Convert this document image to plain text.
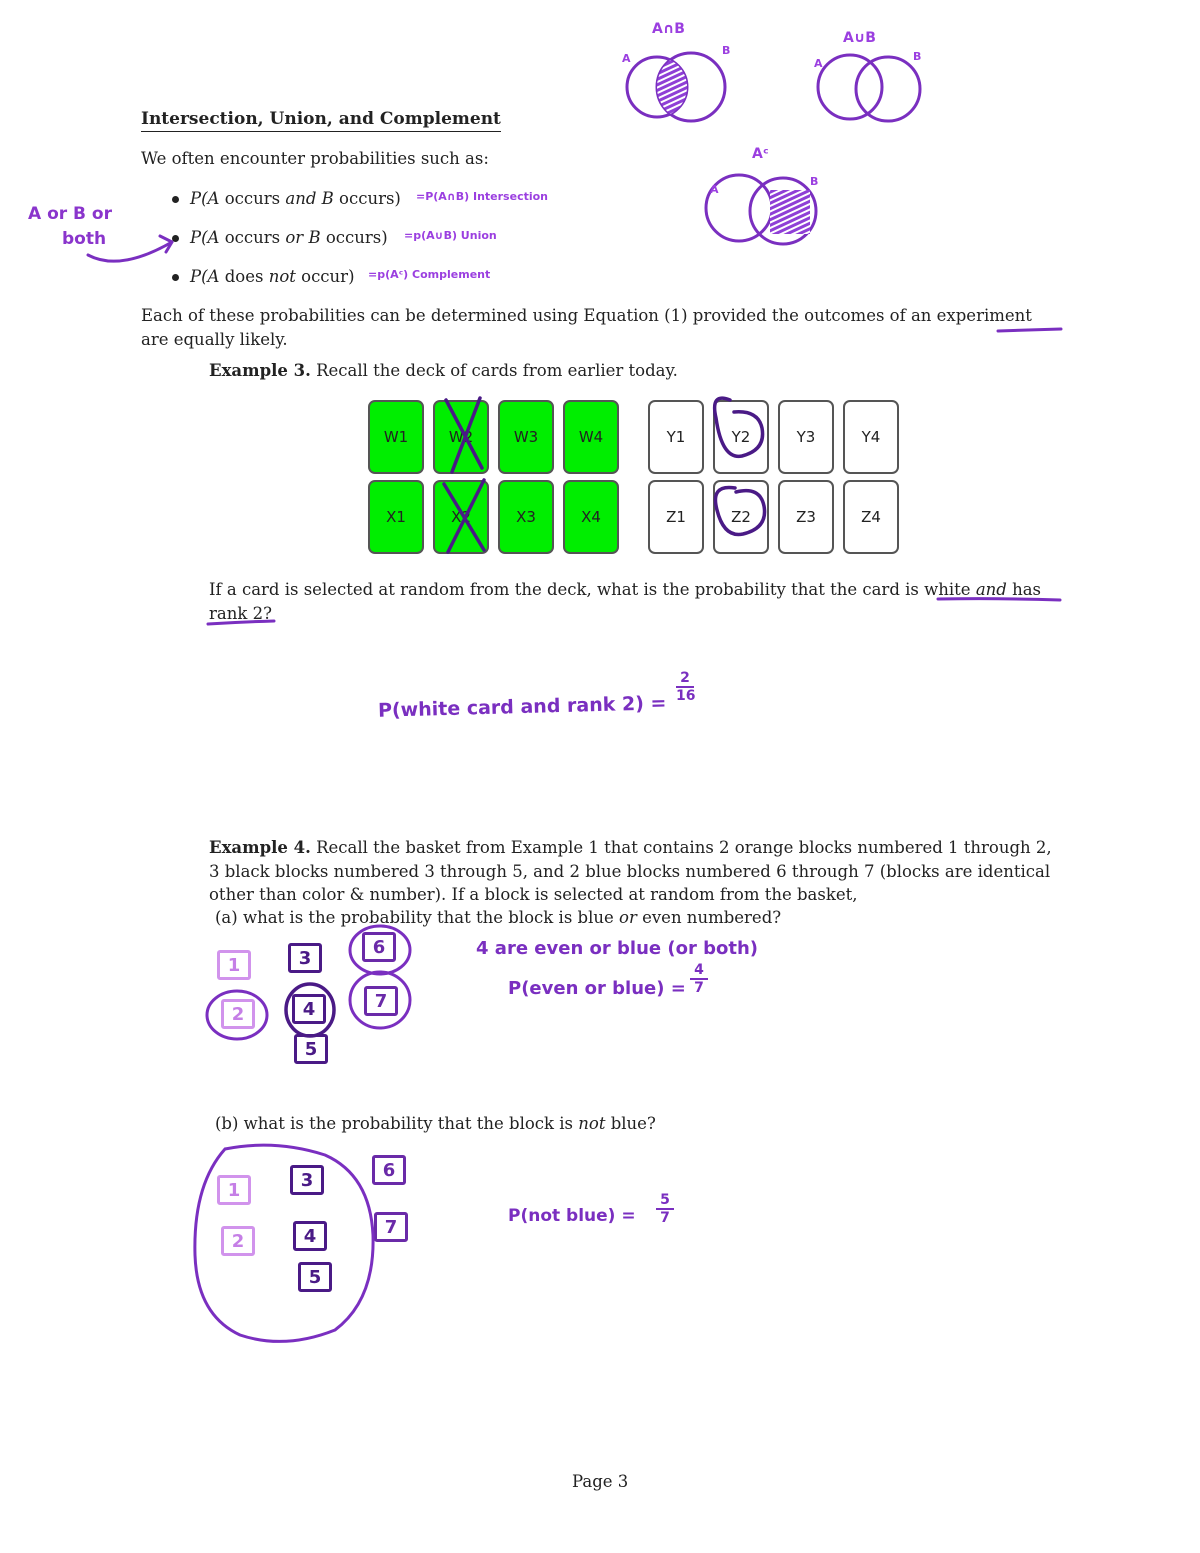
Intersection, Union, and Complement
We often encounter probabilities such as:
P(A occurs and B occurs)
P(A occurs or B occurs)
P(A does not occur)
=P(A∩B) Intersection
=p(A∪B) Union
=p(Aᶜ) Complement
A or B or
both
Each of these probabilities can be determined using Equation (1) provided the outcomes of an experiment
are equally likely.
A∩B
A∪B
Aᶜ
A
B
A
B
A
B
Example 3. Recall the deck of cards from earlier today.
W1	W2	W3	W4	Y1	Y2	Y3	Y4
X1	X2	X3	X4	Z1	Z2	Z3	Z4
If a card is selected at random from the deck, what is the probability that the card is white and has
rank 2?
P(white card and rank 2) =
2
16
Example 4. Recall the basket from Example 1 that contains 2 orange blocks numbered 1 through 2,
3 black blocks numbered 3 through 5, and 2 blue blocks numbered 6 through 7 (blocks are identical
other than color & number). If a block is selected at random from the basket,
(a) what is the probability that the block is blue or even numbered?
1
2
3
4
5
6
7
4 are even or blue (or both)
P(even or blue) =
4
7
(b) what is the probability that the block is not blue?
1
2
3
4
5
6
7
P(not blue) =
5
7
Page 3
